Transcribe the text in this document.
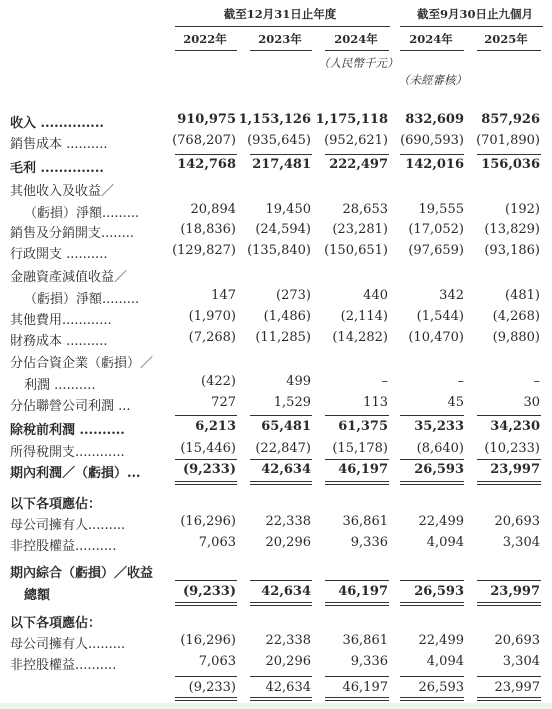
截至12月31日止年度	截至9月30日止九個月
2022年	2023年	2024年	2024年	2025年
（人民幣千元）
（未經審核）
收入 ..............	910,975 1,153,126 1,175,118 832,609 857,926
銷售成本 ..........	(768,207) (935,645) (952,621) (690,593) (701,890)
毛利 ..............	142,768 217,481 222,497 142,016 156,036
其他收入及收益／
（虧損）淨額.........	20,894 19,450 28,653 19,555	(192)
銷售及分銷開支........	(18,836) (24,594) (23,281) (17,052) (13,829)
行政開支 ..........	(129,827) (135,840) (150,651) (97,659) (93,186)
金融資產減值收益／
（虧損）淨額.........	147	(273)	440	342	(481)
其他費用............	(1,970) (1,486) (2,114) (1,544) (4,268)
財務成本 ..........	(7,268) (11,285) (14,282) (10,470) (9,880)
分佔合資企業（虧損）／
利潤 ..........	(422)	499	–	–	–
分佔聯營公司利潤 ...	727	1,529	113	45	30
除稅前利潤 ..........	6,213 65,481 61,375 35,233 34,230
所得稅開支............	(15,446) (22,847) (15,178) (8,640) (10,233)
期內利潤／（虧損）...	(9,233) 42,634 46,197 26,593 23,997
以下各項應佔：
母公司擁有人.........	(16,296) 22,338 36,861 22,499 20,693
非控股權益..........	7,063 20,296	9,336	4,094	3,304
期內綜合（虧損）／收益
總額	(9,233) 42,634 46,197 26,593 23,997
以下各項應佔：
母公司擁有人.........	(16,296) 22,338 36,861 22,499 20,693
非控股權益..........	7,063 20,296	9,336	4,094	3,304
(9,233) 42,634 46,197 26,593 23,997
